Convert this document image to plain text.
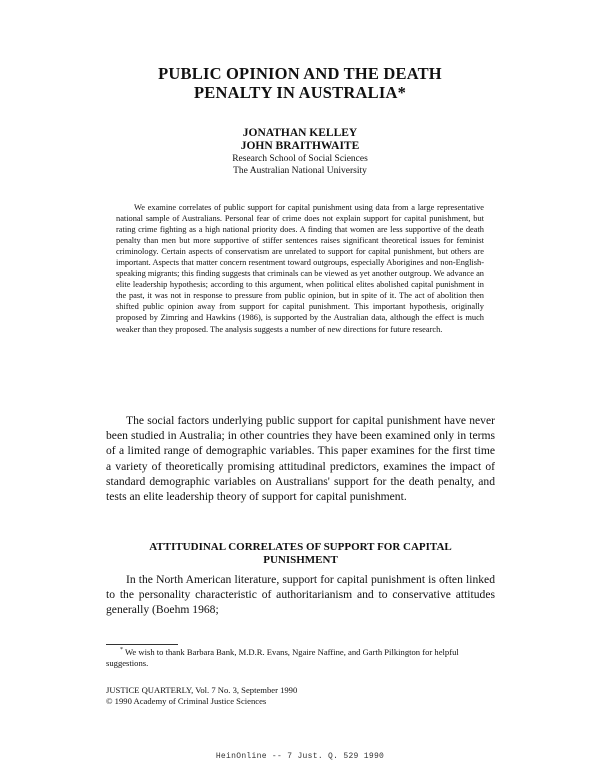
PUBLIC OPINION AND THE DEATH
PENALTY IN AUSTRALIA*
JONATHAN KELLEY
JOHN BRAITHWAITE
Research School of Social Sciences
The Australian National University

We examine correlates of public support for capital punishment using data from a large representative national sample of Australians. Personal fear of crime does not explain support for capital punishment, but rating crime fighting as a high national priority does. A finding that women are less supportive of the death penalty than men but more supportive of stiffer sentences raises significant theoretical issues for feminist criminology. Certain aspects of conservatism are unrelated to support for capital punishment, but others are important. Aspects that matter concern resentment toward outgroups, especially Aborigines and non-English-speaking migrants; this finding suggests that criminals can be viewed as yet another outgroup. We advance an elite leadership hypothesis; according to this argument, when political elites abolished capital punishment in the past, it was not in response to pressure from public opinion, but in spite of it. The act of abolition then shifted public opinion away from support for capital punishment. This important hypothesis, originally proposed by Zimring and Hawkins (1986), is supported by the Australian data, although the effect is much weaker than they proposed. The analysis suggests a number of new directions for future research.

The social factors underlying public support for capital punishment have never been studied in Australia; in other countries they have been examined only in terms of a limited range of demographic variables. This paper examines for the first time a variety of theoretically promising attitudinal predictors, examines the impact of standard demographic variables on Australians' support for the death penalty, and tests an elite leadership theory of support for capital punishment.

ATTITUDINAL CORRELATES OF SUPPORT FOR CAPITAL
PUNISHMENT

In the North American literature, support for capital punishment is often linked to the personality characteristic of authoritarianism and to conservative attitudes generally (Boehm 1968;

* We wish to thank Barbara Bank, M.D.R. Evans, Ngaire Naffine, and Garth Pilkington for helpful suggestions.

JUSTICE QUARTERLY, Vol. 7 No. 3, September 1990
© 1990 Academy of Criminal Justice Sciences
HeinOnline -- 7 Just. Q. 529 1990
